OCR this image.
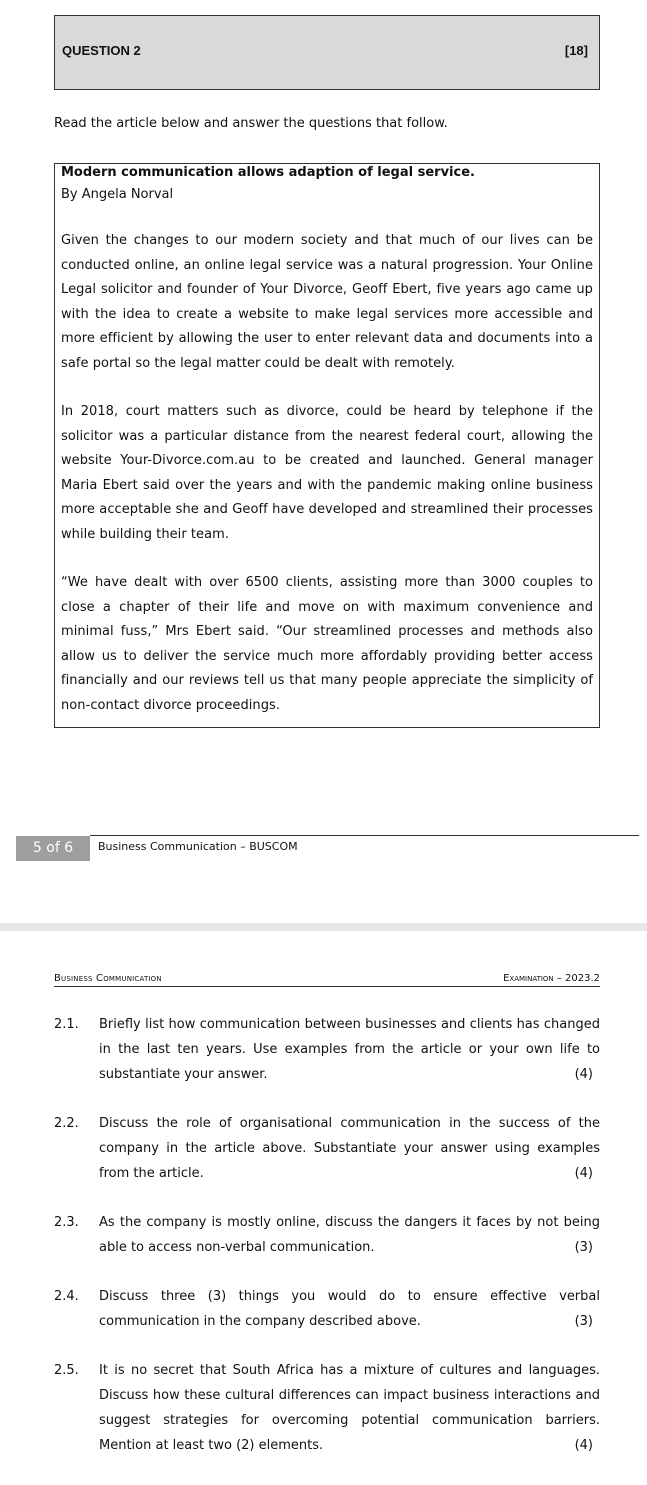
QUESTION 2	[18]

Read the article below and answer the questions that follow.

Modern communication allows adaption of legal service.

By Angela Norval

Given the changes to our modern society and that much of our lives can be conducted online, an online legal service was a natural progression. Your Online Legal solicitor and founder of Your Divorce, Geoff Ebert, five years ago came up with the idea to create a website to make legal services more accessible and more efficient by allowing the user to enter relevant data and documents into a safe portal so the legal matter could be dealt with remotely.

In 2018, court matters such as divorce, could be heard by telephone if the solicitor was a particular distance from the nearest federal court, allowing the website Your-Divorce.com.au to be created and launched. General manager Maria Ebert said over the years and with the pandemic making online business more acceptable she and Geoff have developed and streamlined their processes while building their team.

“We have dealt with over 6500 clients, assisting more than 3000 couples to close a chapter of their life and move on with maximum convenience and minimal fuss,” Mrs Ebert said. “Our streamlined processes and methods also allow us to deliver the service much more affordably providing better access financially and our reviews tell us that many people appreciate the simplicity of non-contact divorce proceedings.

5 of 6	Business Communication – BUSCOM
Business Communication	Examination – 2023.2
2.1. Briefly list how communication between businesses and clients has changed in the last ten years. Use examples from the article or your own life to substantiate your answer.	(4)
2.2. Discuss the role of organisational communication in the success of the company in the article above. Substantiate your answer using examples from the article.	(4)
2.3. As the company is mostly online, discuss the dangers it faces by not being able to access non-verbal communication.	(3)
2.4. Discuss three (3) things you would do to ensure effective verbal communication in the company described above.	(3)
2.5. It is no secret that South Africa has a mixture of cultures and languages. Discuss how these cultural differences can impact business interactions and suggest strategies for overcoming potential communication barriers. Mention at least two (2) elements.	(4)
